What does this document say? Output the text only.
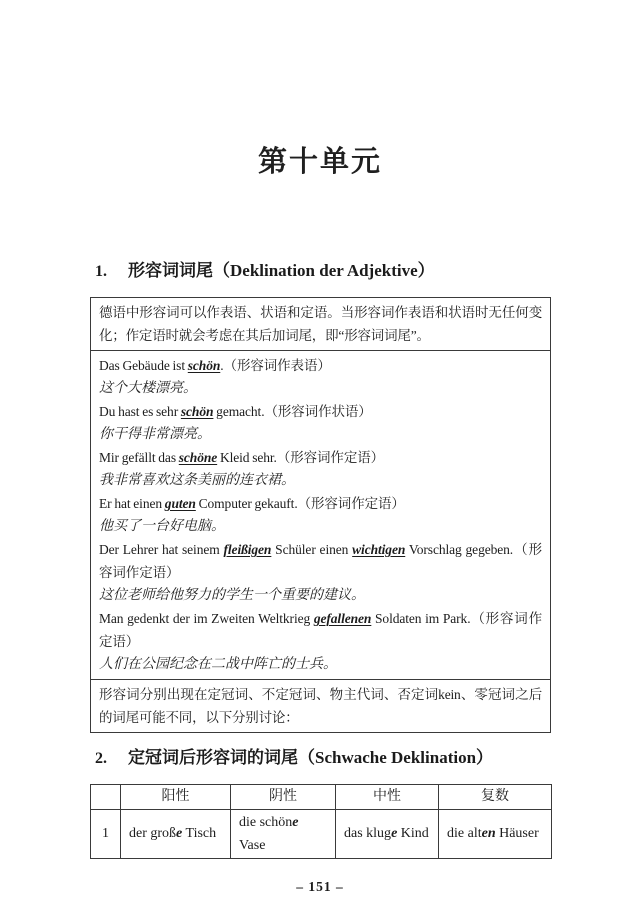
第十单元
1. 形容词词尾（Deklination der Adjektive）
德语中形容词可以作表语、状语和定语。当形容词作表语和状语时无任何变化；作定语时就会考虑在其后加词尾，即“形容词词尾”。

Das Gebäude ist schön.（形容词作表语）
这个大楼漂亮。
Du hast es sehr schön gemacht.（形容词作状语）
你干得非常漂亮。
Mir gefällt das schöne Kleid sehr.（形容词作定语）
我非常喜欢这条美丽的连衣裙。
Er hat einen guten Computer gekauft.（形容词作定语）
他买了一台好电脑。
Der Lehrer hat seinem fleißigen Schüler einen wichtigen Vorschlag gegeben.（形容词作定语）
这位老师给他努力的学生一个重要的建议。
Man gedenkt der im Zweiten Weltkrieg gefallenen Soldaten im Park.（形容词作定语）
人们在公园纪念在二战中阵亡的士兵。

形容词分别出现在定冠词、不定冠词、物主代词、否定词kein、零冠词之后的词尾可能不同，以下分别讨论：
2. 定冠词后形容词的词尾（Schwache Deklination）
	阳性	阴性	中性	复数
1	der große Tisch	die schöne Vase	das kluge Kind	die alten Häuser
– 151 –
